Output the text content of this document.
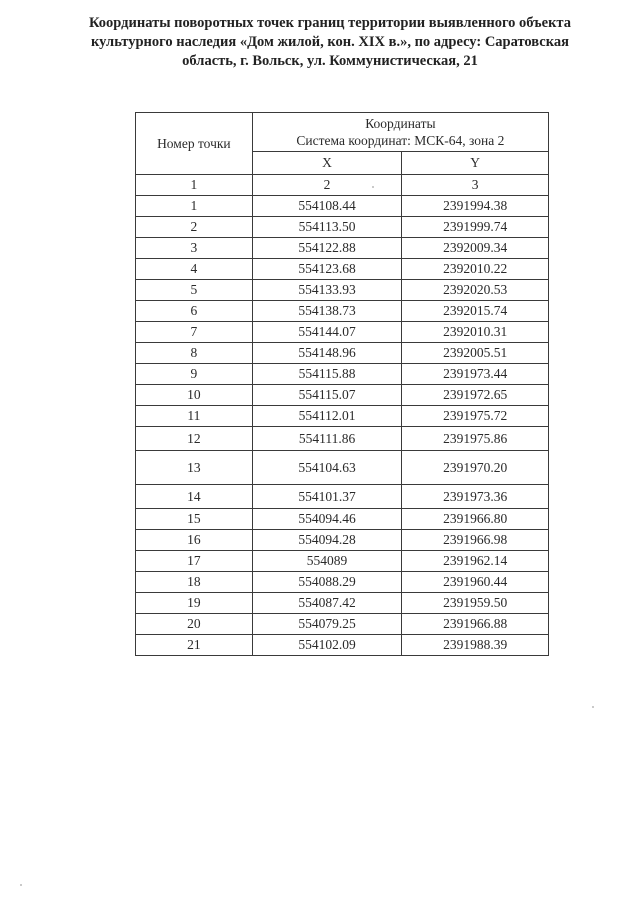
Координаты поворотных точек границ территории выявленного объекта
культурного наследия «Дом жилой, кон. XIX в.», по адресу: Саратовская
область, г. Вольск, ул. Коммунистическая, 21
Номер точки	Координаты
Система координат: МСК-64, зона 2	

	X	Y
1	2	3
1	554108.44	2391994.38
2	554113.50	2391999.74
3	554122.88	2392009.34
4	554123.68	2392010.22
5	554133.93	2392020.53
6	554138.73	2392015.74
7	554144.07	2392010.31
8	554148.96	2392005.51
9	554115.88	2391973.44
10	554115.07	2391972.65
11	554112.01	2391975.72
12	554111.86	2391975.86
13	554104.63	2391970.20
14	554101.37	2391973.36
15	554094.46	2391966.80
16	554094.28	2391966.98
17	554089	2391962.14
18	554088.29	2391960.44
19	554087.42	2391959.50
20	554079.25	2391966.88
21	554102.09	2391988.39
